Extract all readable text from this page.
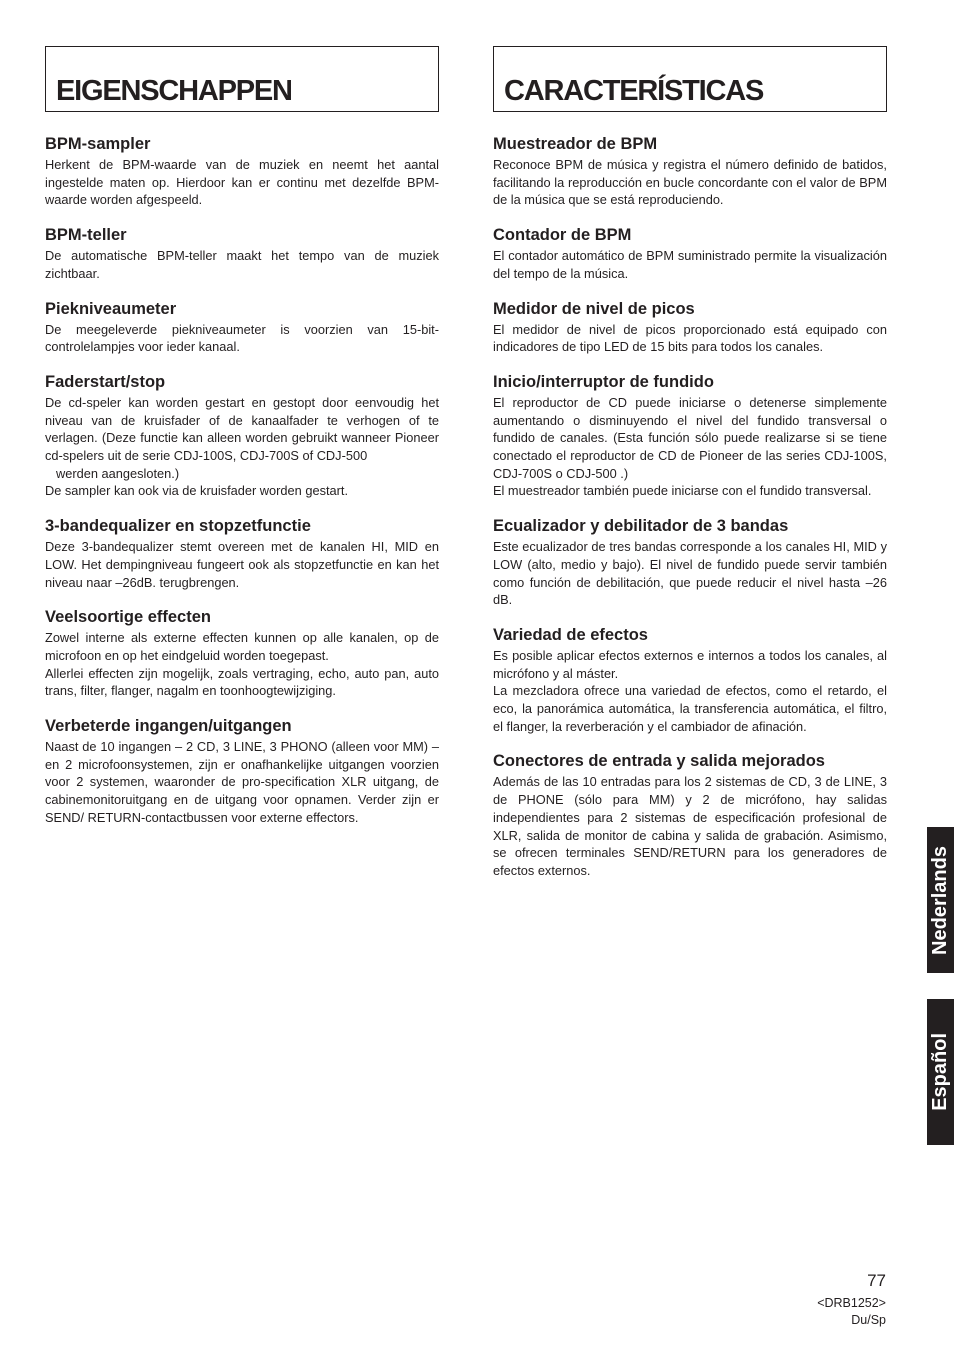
EIGENSCHAPPEN
BPM-sampler

Herkent de BPM-waarde van de muziek en neemt het aantal ingestelde maten op. Hierdoor kan er continu met dezelfde BPM-waarde worden afgespeeld.

BPM-teller

De automatische BPM-teller maakt het tempo van de muziek zichtbaar.

Piekniveaumeter

De meegeleverde piekniveaumeter is voorzien van 15-bit-controlelampjes voor ieder kanaal.

Faderstart/stop

De cd-speler kan worden gestart en gestopt door eenvoudig het niveau van de kruisfader of de kanaalfader te verhogen of te verlagen. (Deze functie kan alleen worden gebruikt wanneer Pioneer cd-spelers uit de serie CDJ-100S, CDJ-700S of CDJ-500

werden aangesloten.)

De sampler kan ook via de kruisfader worden gestart.

3-bandequalizer en stopzetfunctie

Deze 3-bandequalizer stemt overeen met de kanalen HI, MID en LOW. Het dempingniveau fungeert ook als stopzetfunctie en kan het niveau naar –26dB. terugbrengen.

Veelsoortige effecten

Zowel interne als externe effecten kunnen op alle kanalen, op de microfoon en op het eindgeluid worden toegepast.

Allerlei effecten zijn mogelijk, zoals vertraging, echo, auto pan, auto trans, filter, flanger, nagalm en toonhoogtewijziging.

Verbeterde ingangen/uitgangen

Naast de 10 ingangen – 2 CD, 3 LINE, 3 PHONO (alleen voor MM) – en 2 microfoonsystemen, zijn er onafhankelijke uitgangen voorzien voor 2 systemen, waaronder de pro-specification XLR uitgang, de cabinemonitoruitgang en de uitgang voor opnamen. Verder zijn er SEND/ RETURN-contactbussen voor externe effectors.

CARACTERÍSTICAS
Muestreador de BPM

Reconoce BPM de música y registra el número definido de batidos, facilitando la reproducción en bucle concordante con el valor de BPM de la música que se está reproduciendo.

Contador de BPM

El contador automático de BPM suministrado permite la visualización del tempo de la música.

Medidor de nivel de picos

El medidor de nivel de picos proporcionado está equipado con indicadores de tipo LED de 15 bits para todos los canales.

Inicio/interruptor de fundido

El reproductor de CD puede iniciarse o detenerse simplemente aumentando o disminuyendo el nivel del fundido transversal o fundido de canales. (Esta función sólo puede realizarse si se tiene conectado el reproductor de CD de Pioneer de las series CDJ-100S, CDJ-700S o CDJ-500 .)

El muestreador también puede iniciarse con el fundido transversal.

Ecualizador y debilitador de 3 bandas

Este ecualizador de tres bandas corresponde a los canales HI, MID y LOW (alto, medio y bajo). El nivel de fundido puede servir también como función de debilitación, que puede reducir el nivel hasta –26 dB.

Variedad de efectos

Es posible aplicar efectos externos e internos a todos los canales, al micrófono y al máster.

La mezcladora ofrece una variedad de efectos, como el retardo, el eco, la panorámica automática, la transferencia automática, el filtro, el flanger, la reverberación y el cambiador de afinación.

Conectores de entrada y salida mejorados

Además de las 10 entradas para los 2 sistemas de CD, 3 de LINE, 3 de PHONE (sólo para MM) y 2 de micrófono, hay salidas independientes para 2 sistemas de especificación profesional de XLR, salida de monitor de cabina y salida de grabación. Asimismo, se ofrecen terminales SEND/RETURN para los generadores de efectos externos.	Nederlands
Español
77
<DRB1252>
Du/Sp
